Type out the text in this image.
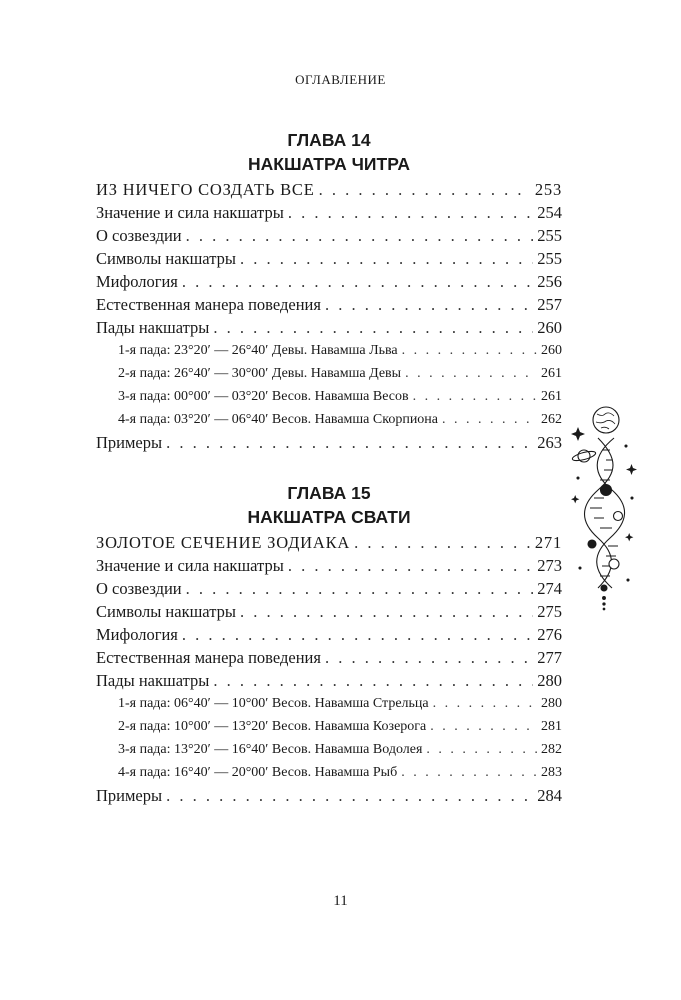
ОГЛАВЛЕНИЕ
ГЛАВА 14
НАКШАТРА ЧИТРА
ИЗ НИЧЕГО СОЗДАТЬ ВСЕ . . .	253
Значение и сила накшатры . . .	254
О созвездии . . .	255
Символы накшатры . . .	255
Мифология . . .	256
Естественная манера поведения . . .	257
Пады накшатры . . .	260
1-я пада: 23°20′ — 26°40′ Девы. Навамша Льва . . .	260
2-я пада: 26°40′ — 30°00′ Девы. Навамша Девы . . .	261
3-я пада: 00°00′ — 03°20′ Весов. Навамша Весов . . .	261
4-я пада: 03°20′ — 06°40′ Весов. Навамша Скорпиона . . .	262
Примеры . . .	263
ГЛАВА 15
НАКШАТРА СВАТИ
ЗОЛОТОЕ СЕЧЕНИЕ ЗОДИАКА . . .	271
Значение и сила накшатры . . .	273
О созвездии . . .	274
Символы накшатры . . .	275
Мифология . . .	276
Естественная манера поведения . . .	277
Пады накшатры . . .	280
1-я пада: 06°40′ — 10°00′ Весов. Навамша Стрельца . . .	280
2-я пада: 10°00′ — 13°20′ Весов. Навамша Козерога . . .	281
3-я пада: 13°20′ — 16°40′ Весов. Навамша Водолея . . .	282
4-я пада: 16°40′ — 20°00′ Весов. Навамша Рыб . . .	283
Примеры . . .	284
11
